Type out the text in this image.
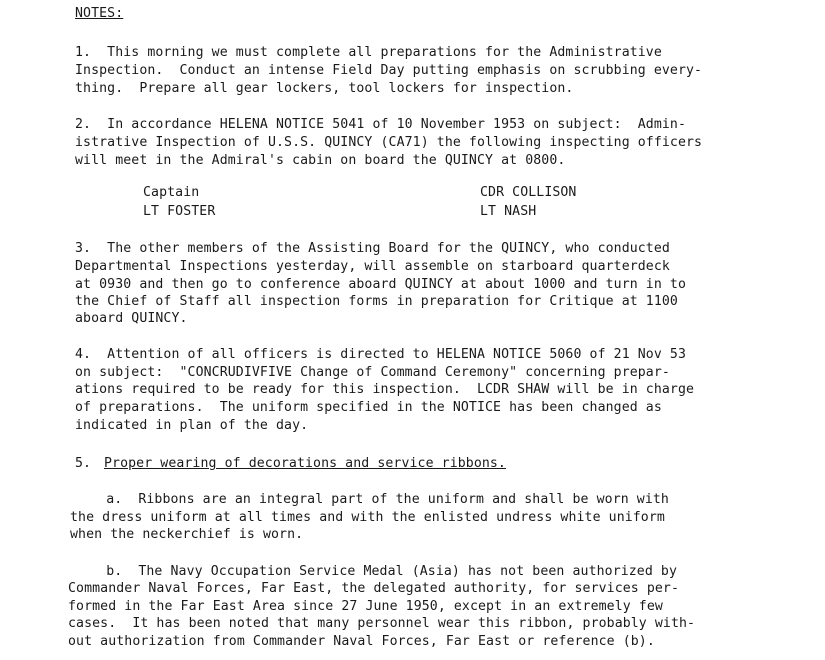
NOTES:
1.  This morning we must complete all preparations for the Administrative
Inspection.  Conduct an intense Field Day putting emphasis on scrubbing every-
thing.  Prepare all gear lockers, tool lockers for inspection.
2.  In accordance HELENA NOTICE 5041 of 10 November 1953 on subject:  Admin-
istrative Inspection of U.S.S. QUINCY (CA71) the following inspecting officers
will meet in the Admiral's cabin on board the QUINCY at 0800.
Captain
LT FOSTER
CDR COLLISON
LT NASH
3.  The other members of the Assisting Board for the QUINCY, who conducted
Departmental Inspections yesterday, will assemble on starboard quarterdeck
at 0930 and then go to conference aboard QUINCY at about 1000 and turn in to
the Chief of Staff all inspection forms in preparation for Critique at 1100
aboard QUINCY.
4.  Attention of all officers is directed to HELENA NOTICE 5060 of 21 Nov 53
on subject:  "CONCRUDIVFIVE Change of Command Ceremony" concerning prepar-
ations required to be ready for this inspection.  LCDR SHAW will be in charge
of preparations.  The uniform specified in the NOTICE has been changed as
indicated in plan of the day.
5. Proper wearing of decorations and service ribbons.
a.  Ribbons are an integral part of the uniform and shall be worn with
the dress uniform at all times and with the enlisted undress white uniform
when the neckerchief is worn.
b.  The Navy Occupation Service Medal (Asia) has not been authorized by
Commander Naval Forces, Far East, the delegated authority, for services per-
formed in the Far East Area since 27 June 1950, except in an extremely few
cases.  It has been noted that many personnel wear this ribbon, probably with-
out authorization from Commander Naval Forces, Far East or reference (b).
